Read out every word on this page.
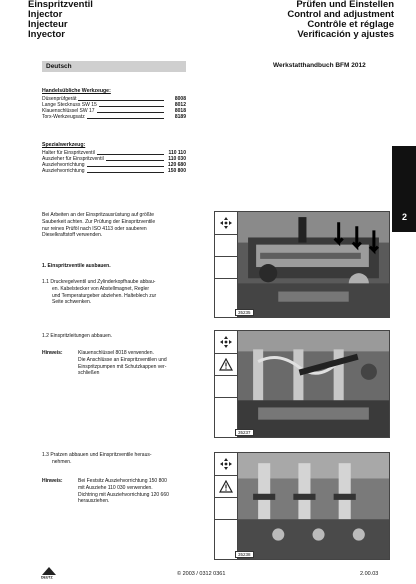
Einspritzventil
Injector
Injecteur
Inyector
Prüfen und Einstellen
Control and adjustment
Contrôle et réglage
Verificación y ajustes
Deutsch	Werkstatthandbuch BFM 2012
2
Handelsübliche Werkzeuge:
Düsenprüfgerät	8008
Lange Stecknuss SW 15	8012
Klauenschlüssel SW 17	8018
Torx-Werkzeugsatz	8189
Spezialwerkzeug:
Halter für Einspritzventil	110 110
Auszieher für Einspritzventil	110 030
Ausziehvorrichtung	120 680
Ausziehvorrichtung	150 800
Bei Arbeiten an der Einspritzausrüstung auf größte
Sauberkeit achten. Zur Prüfung der Einspritzventile
nur reines Prüföl nach ISO 4113 oder sauberen
Dieselkraftstoff verwenden.
1. Einspritzventile ausbauen.
1.1 Druckregelventil und Zylinderkopfhaube abbau-
en. Kabelstecker von Abstellmagnet, Regler
und Temperaturgeber abziehen. Halteblech zur
Seite schwenken.
1.2 Einspritzleitungen abbauen.
Hinweis:	Klauenschlüssel 8018 verwenden.
Die Anschlüsse an Einspritzventilen und
Einspritzpumpen mit Schutzkappen ver-
schließen
1.3 Pratzen abbauen und Einspritzventile heraus-
nehmen.
Hinweis:	Bei Festsitz Ausziehvorrichtung 150 800
mit Ausziehe 110 030 verwenden.
Dichtring mit Ausziehvorrichtung 120 660
herausziehen.
35235
35237
35238
DEUTZ
© 2003 / 0312 0361	2.00.03
